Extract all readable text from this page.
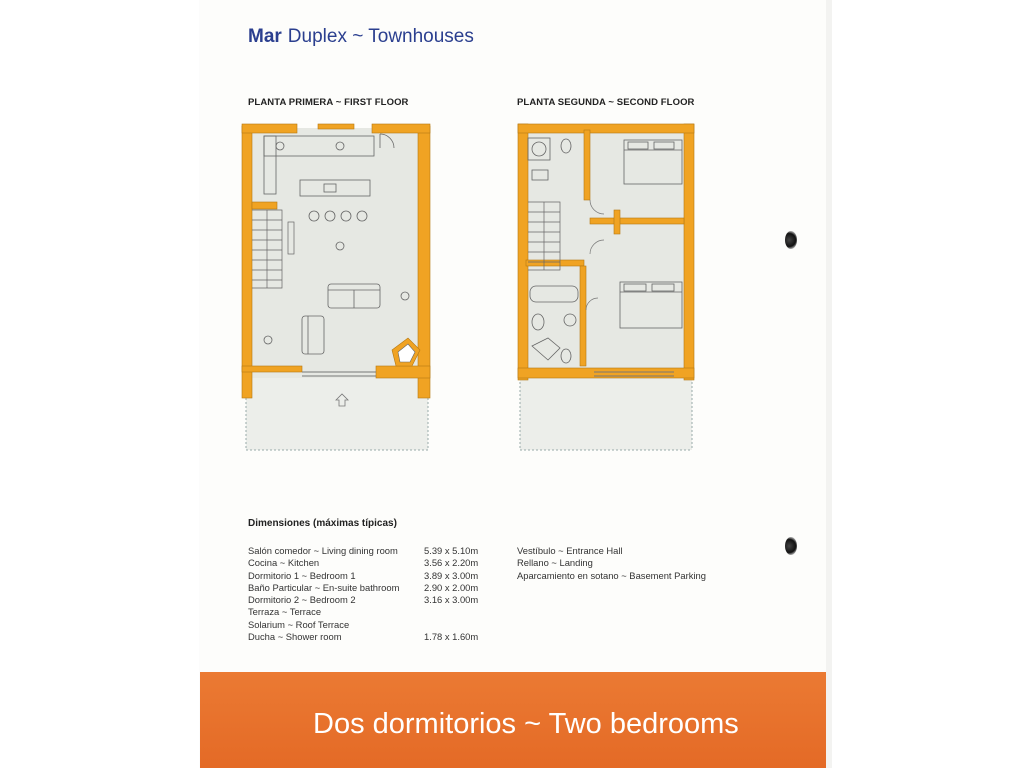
Mar Duplex ~ Townhouses
PLANTA PRIMERA ~ FIRST FLOOR	PLANTA SEGUNDA ~ SECOND FLOOR
Dimensiones (máximas típicas)
Salón comedor ~ Living dining room	5.39 x 5.10m
Cocina ~ Kitchen	3.56 x 2.20m
Dormitorio 1 ~ Bedroom 1	3.89 x 3.00m
Baño Particular ~ En-suite bathroom	2.90 x 2.00m
Dormitorio 2 ~ Bedroom 2	3.16 x 3.00m
Terraza ~ Terrace
Solarium ~ Roof Terrace
Ducha ~ Shower room	1.78 x 1.60m
Vestíbulo ~ Entrance Hall
Rellano ~ Landing
Aparcamiento en sotano ~ Basement Parking
Dos dormitorios ~ Two bedrooms
